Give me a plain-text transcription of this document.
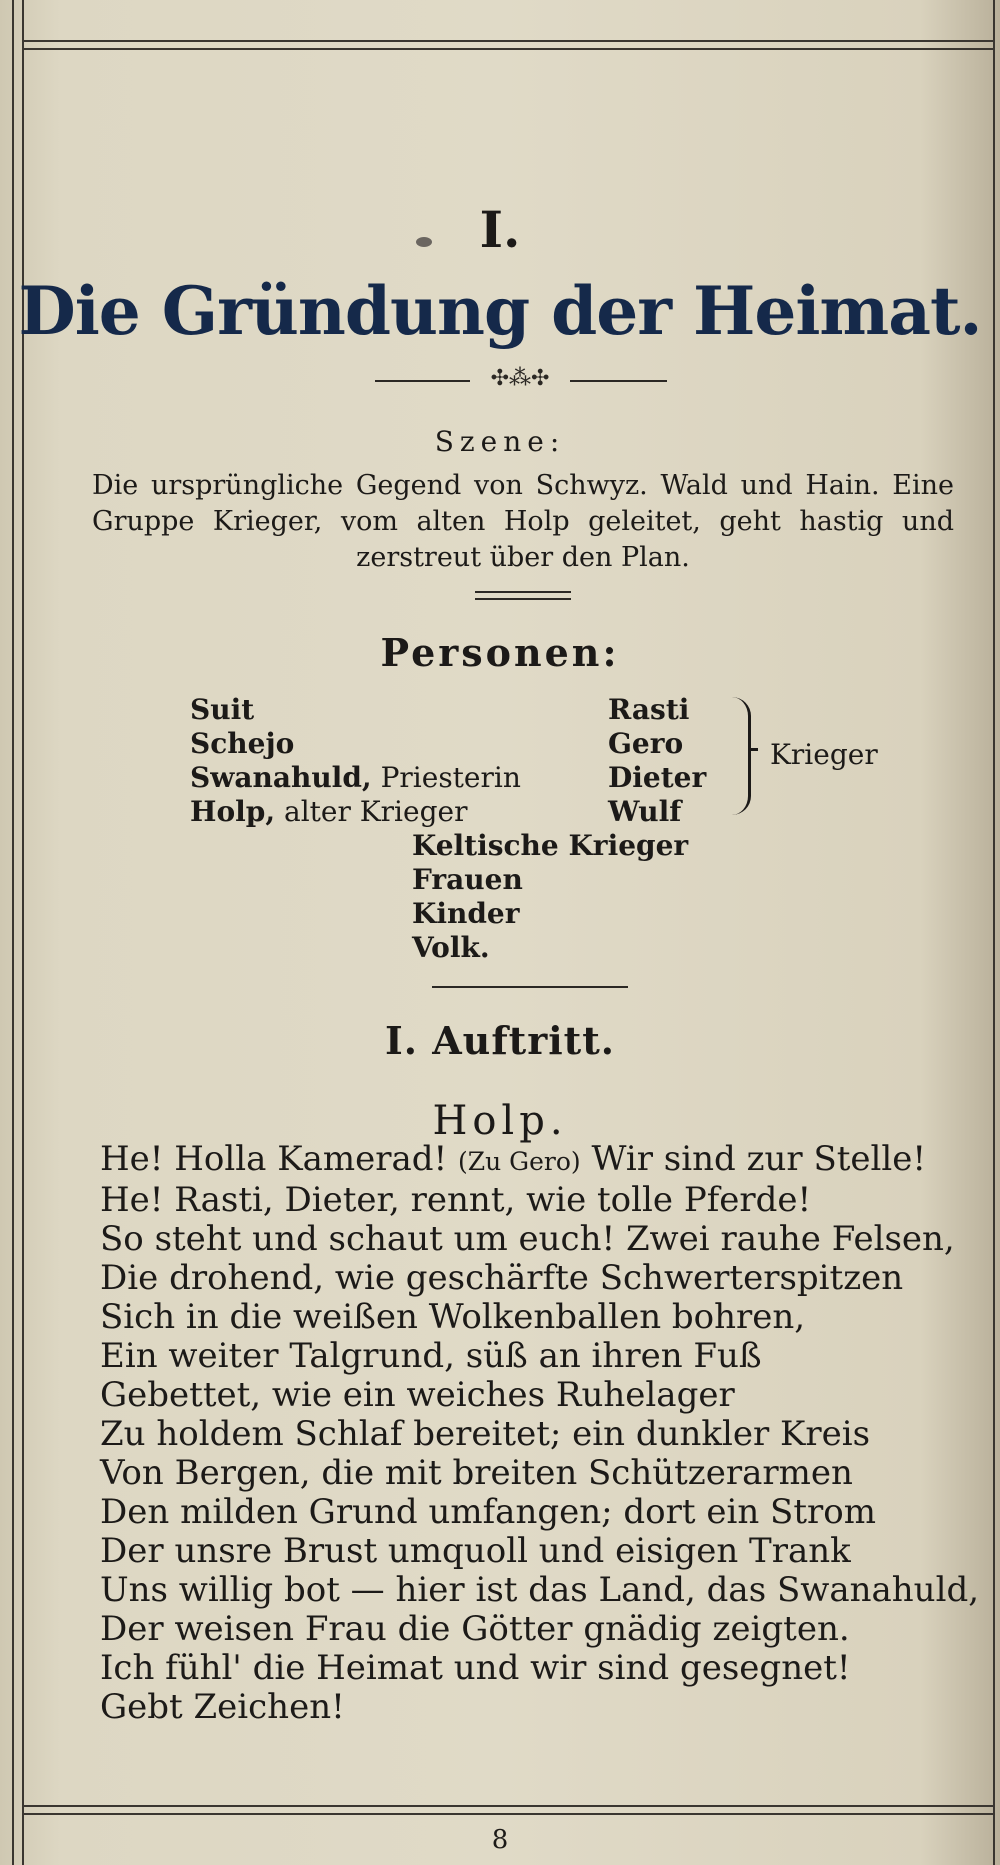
I.
Die Gründung der Heimat.
✣⁂✣
Szene:
Die ursprüngliche Gegend von Schwyz. Wald und Hain. Eine Gruppe Krieger, vom alten Holp geleitet, geht hastig und zerstreut über den Plan.
Personen:
Suit
Schejo
Swanahuld, Priesterin
Holp, alter Krieger
Rasti
Gero
Dieter
Wulf
Krieger
Keltische Krieger
Frauen
Kinder
Volk.
I. Auftritt.
Holp.
He! Holla Kamerad! (Zu Gero) Wir sind zur Stelle!
He! Rasti, Dieter, rennt, wie tolle Pferde!
So steht und schaut um euch! Zwei rauhe Felsen,
Die drohend, wie geschärfte Schwerterspitzen
Sich in die weißen Wolkenballen bohren,
Ein weiter Talgrund, süß an ihren Fuß
Gebettet, wie ein weiches Ruhelager
Zu holdem Schlaf bereitet; ein dunkler Kreis
Von Bergen, die mit breiten Schützerarmen
Den milden Grund umfangen; dort ein Strom
Der unsre Brust umquoll und eisigen Trank
Uns willig bot — hier ist das Land, das Swanahuld,
Der weisen Frau die Götter gnädig zeigten.
Ich fühl' die Heimat und wir sind gesegnet!
Gebt Zeichen!
8
